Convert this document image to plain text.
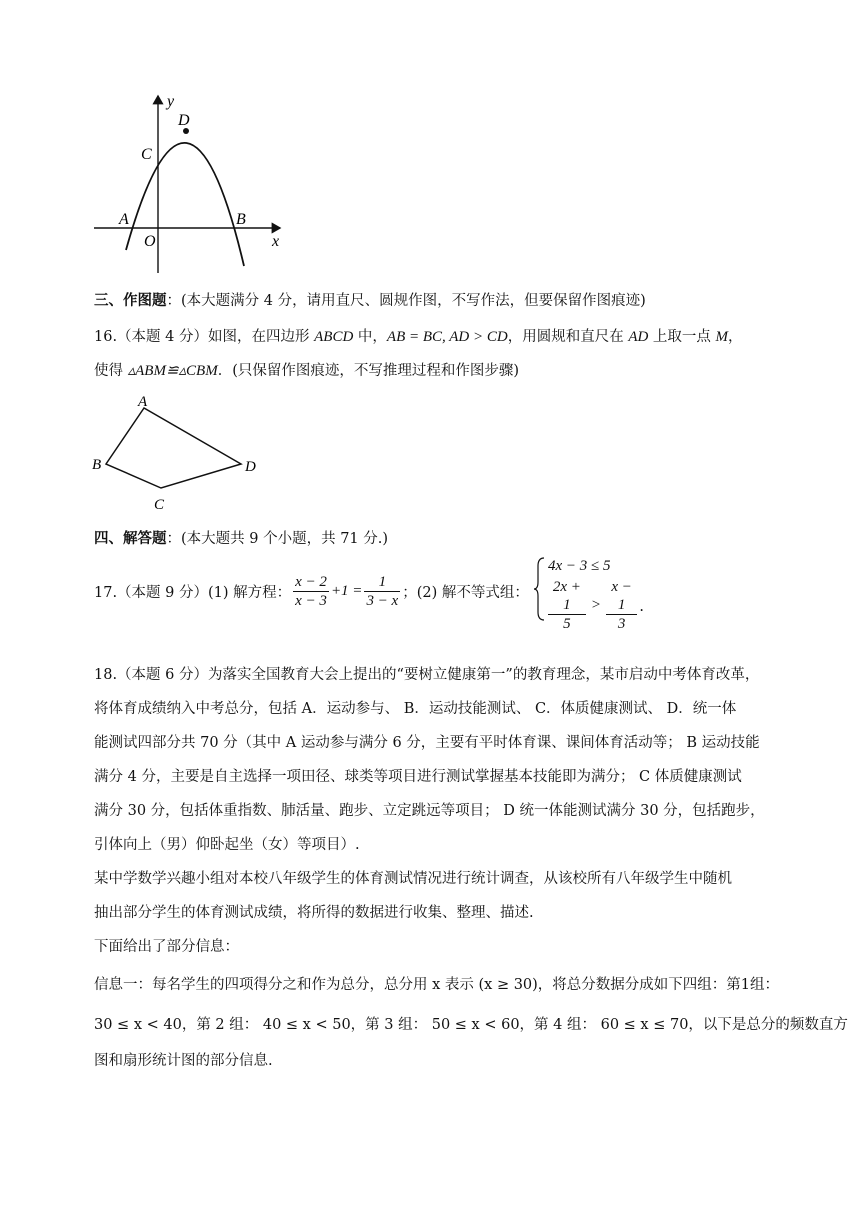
y
x
O
A	B
C
D
三、作图题：(本大题满分 4 分，请用直尺、圆规作图，不写作法，但要保留作图痕迹)
16.（本题 4 分）如图，在四边形 ABCD 中，AB = BC, AD > CD，用圆规和直尺在 AD 上取一点 M，
使得 ▵ABM≌▵CBM．(只保留作图痕迹，不写推理过程和作图步骤)
A
B
C
D
四、解答题：(本大题共 9 个小题，共 71 分.)
17.（本题 9 分）(1) 解方程： $\frac{x - 2}{x - 3} +1 = \frac{1}{3 - x}$ ；(2) 解不等式组：
4x − 3 ≤ 5
$\frac{2x + 1}{5} > \frac{x - 1}{3}$ .
18.（本题 6 分）为落实全国教育大会上提出的“要树立健康第一”的教育理念，某市启动中考体育改革，
将体育成绩纳入中考总分，包括 A．运动参与、 B．运动技能测试、 C．体质健康测试、 D．统一体
能测试四部分共 70 分（其中 A 运动参与满分 6 分，主要有平时体育课、课间体育活动等； B 运动技能
满分 4 分，主要是自主选择一项田径、球类等项目进行测试掌握基本技能即为满分； C 体质健康测试
满分 30 分，包括体重指数、肺活量、跑步、立定跳远等项目； D 统一体能测试满分 30 分，包括跑步，
引体向上（男）仰卧起坐（女）等项目）.
某中学数学兴趣小组对本校八年级学生的体育测试情况进行统计调查，从该校所有八年级学生中随机
抽出部分学生的体育测试成绩，将所得的数据进行收集、整理、描述.
下面给出了部分信息：
信息一：每名学生的四项得分之和作为总分，总分用 x 表示 (x ≥ 30)，将总分数据分成如下四组：第1组：
30 ≤ x < 40，第 2 组： 40 ≤ x < 50，第 3 组： 50 ≤ x < 60，第 4 组： 60 ≤ x ≤ 70，以下是总分的频数直方
图和扇形统计图的部分信息.
